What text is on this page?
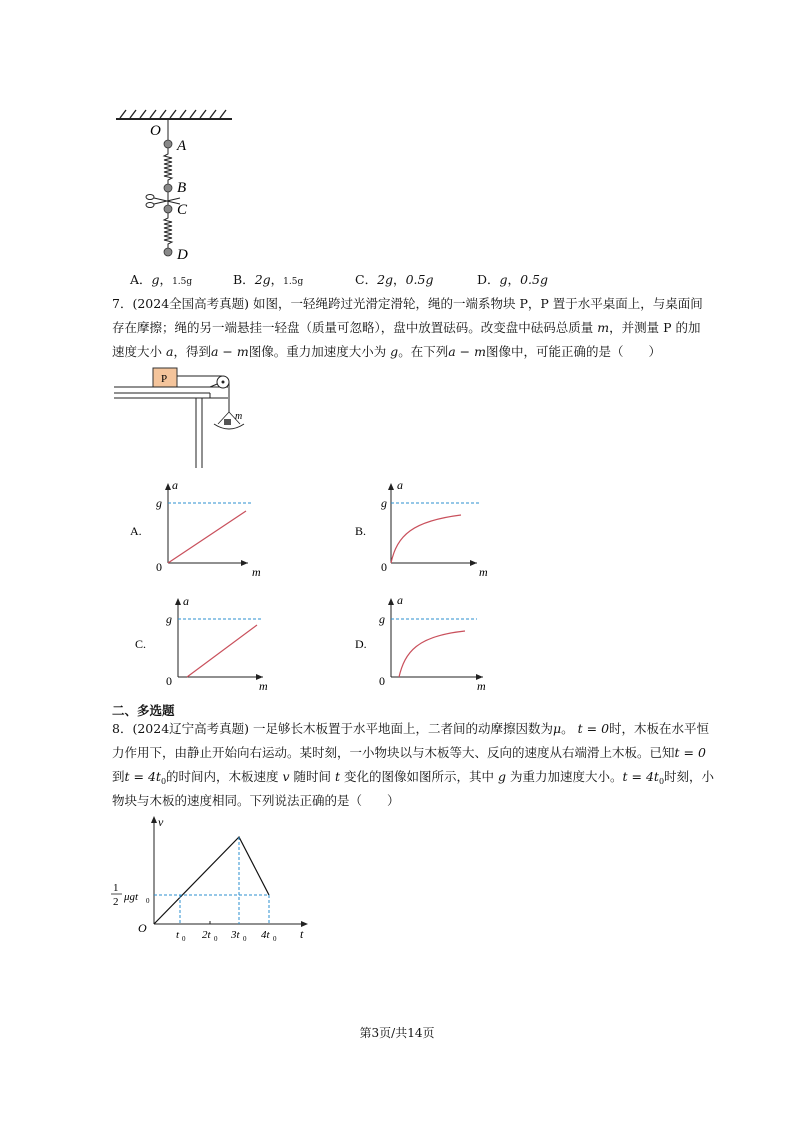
O
A
B
C
D
A．g，1.5g	B．2g，1.5g	C．2g，0.5g	D．g，0.5g
7．(2024全国高考真题) 如图，一轻绳跨过光滑定滑轮，绳的一端系物块 P，P 置于水平桌面上，与桌面间
存在摩擦；绳的另一端悬挂一轻盘（质量可忽略），盘中放置砝码。改变盘中砝码总质量 m，并测量 P 的加
速度大小 a，得到a − m图像。重力加速度大小为 g。在下列a − m图像中，可能正确的是（　　）
P
m
A.
a
g
0	m
B.
a
g
0	m
C.
a
g
0	m
D.
a
g
0	m
二、多选题
8．(2024辽宁高考真题) 一足够长木板置于水平地面上，二者间的动摩擦因数为μ。 t = 0时，木板在水平恒
力作用下，由静止开始向右运动。某时刻，一小物块以与木板等大、反向的速度从右端滑上木板。已知t = 0
到$t = 4t_0$的时间内，木板速度 v 随时间 t 变化的图像如图所示，其中 g 为重力加速度大小。$t = 4t_0$时刻，小
物块与木板的速度相同。下列说法正确的是（　　）
v
t
O
1
2 μgt 0
t 0 2t 0 3t 0 4t 0
第3页/共14页
